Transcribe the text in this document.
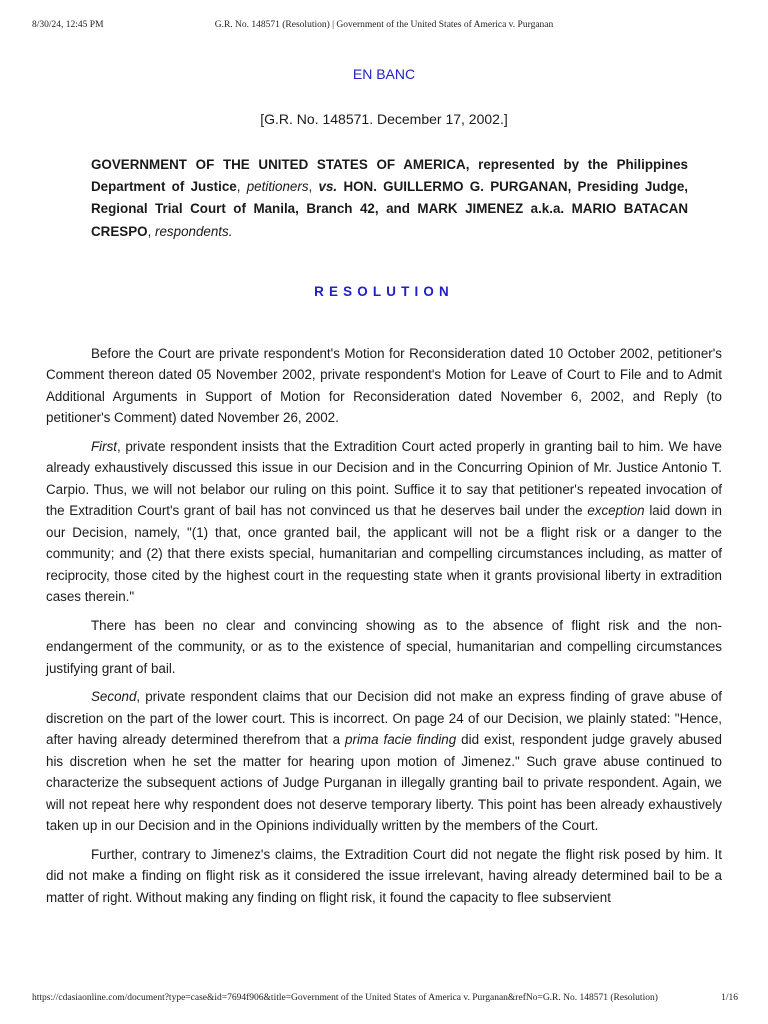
8/30/24, 12:45 PM	G.R. No. 148571 (Resolution) | Government of the United States of America v. Purganan
EN BANC
[G.R. No. 148571. December 17, 2002.]
GOVERNMENT OF THE UNITED STATES OF AMERICA, represented by the Philippines Department of Justice, petitioners, vs. HON. GUILLERMO G. PURGANAN, Presiding Judge, Regional Trial Court of Manila, Branch 42, and MARK JIMENEZ a.k.a. MARIO BATACAN CRESPO, respondents.
RESOLUTION

Before the Court are private respondent's Motion for Reconsideration dated 10 October 2002, petitioner's Comment thereon dated 05 November 2002, private respondent's Motion for Leave of Court to File and to Admit Additional Arguments in Support of Motion for Reconsideration dated November 6, 2002, and Reply (to petitioner's Comment) dated November 26, 2002.

First, private respondent insists that the Extradition Court acted properly in granting bail to him. We have already exhaustively discussed this issue in our Decision and in the Concurring Opinion of Mr. Justice Antonio T. Carpio. Thus, we will not belabor our ruling on this point. Suffice it to say that petitioner's repeated invocation of the Extradition Court's grant of bail has not convinced us that he deserves bail under the exception laid down in our Decision, namely, "(1) that, once granted bail, the applicant will not be a flight risk or a danger to the community; and (2) that there exists special, humanitarian and compelling circumstances including, as matter of reciprocity, those cited by the highest court in the requesting state when it grants provisional liberty in extradition cases therein."

There has been no clear and convincing showing as to the absence of flight risk and the non-endangerment of the community, or as to the existence of special, humanitarian and compelling circumstances justifying grant of bail.

Second, private respondent claims that our Decision did not make an express finding of grave abuse of discretion on the part of the lower court. This is incorrect. On page 24 of our Decision, we plainly stated: "Hence, after having already determined therefrom that a prima facie finding did exist, respondent judge gravely abused his discretion when he set the matter for hearing upon motion of Jimenez." Such grave abuse continued to characterize the subsequent actions of Judge Purganan in illegally granting bail to private respondent. Again, we will not repeat here why respondent does not deserve temporary liberty. This point has been already exhaustively taken up in our Decision and in the Opinions individually written by the members of the Court.

Further, contrary to Jimenez's claims, the Extradition Court did not negate the flight risk posed by him. It did not make a finding on flight risk as it considered the issue irrelevant, having already determined bail to be a matter of right. Without making any finding on flight risk, it found the capacity to flee subservient

https://cdasiaonline.com/document?type=case&id=7694f906&title=Government of the United States of America v. Purganan&refNo=G.R. No. 148571 (Resolution)	1/16
